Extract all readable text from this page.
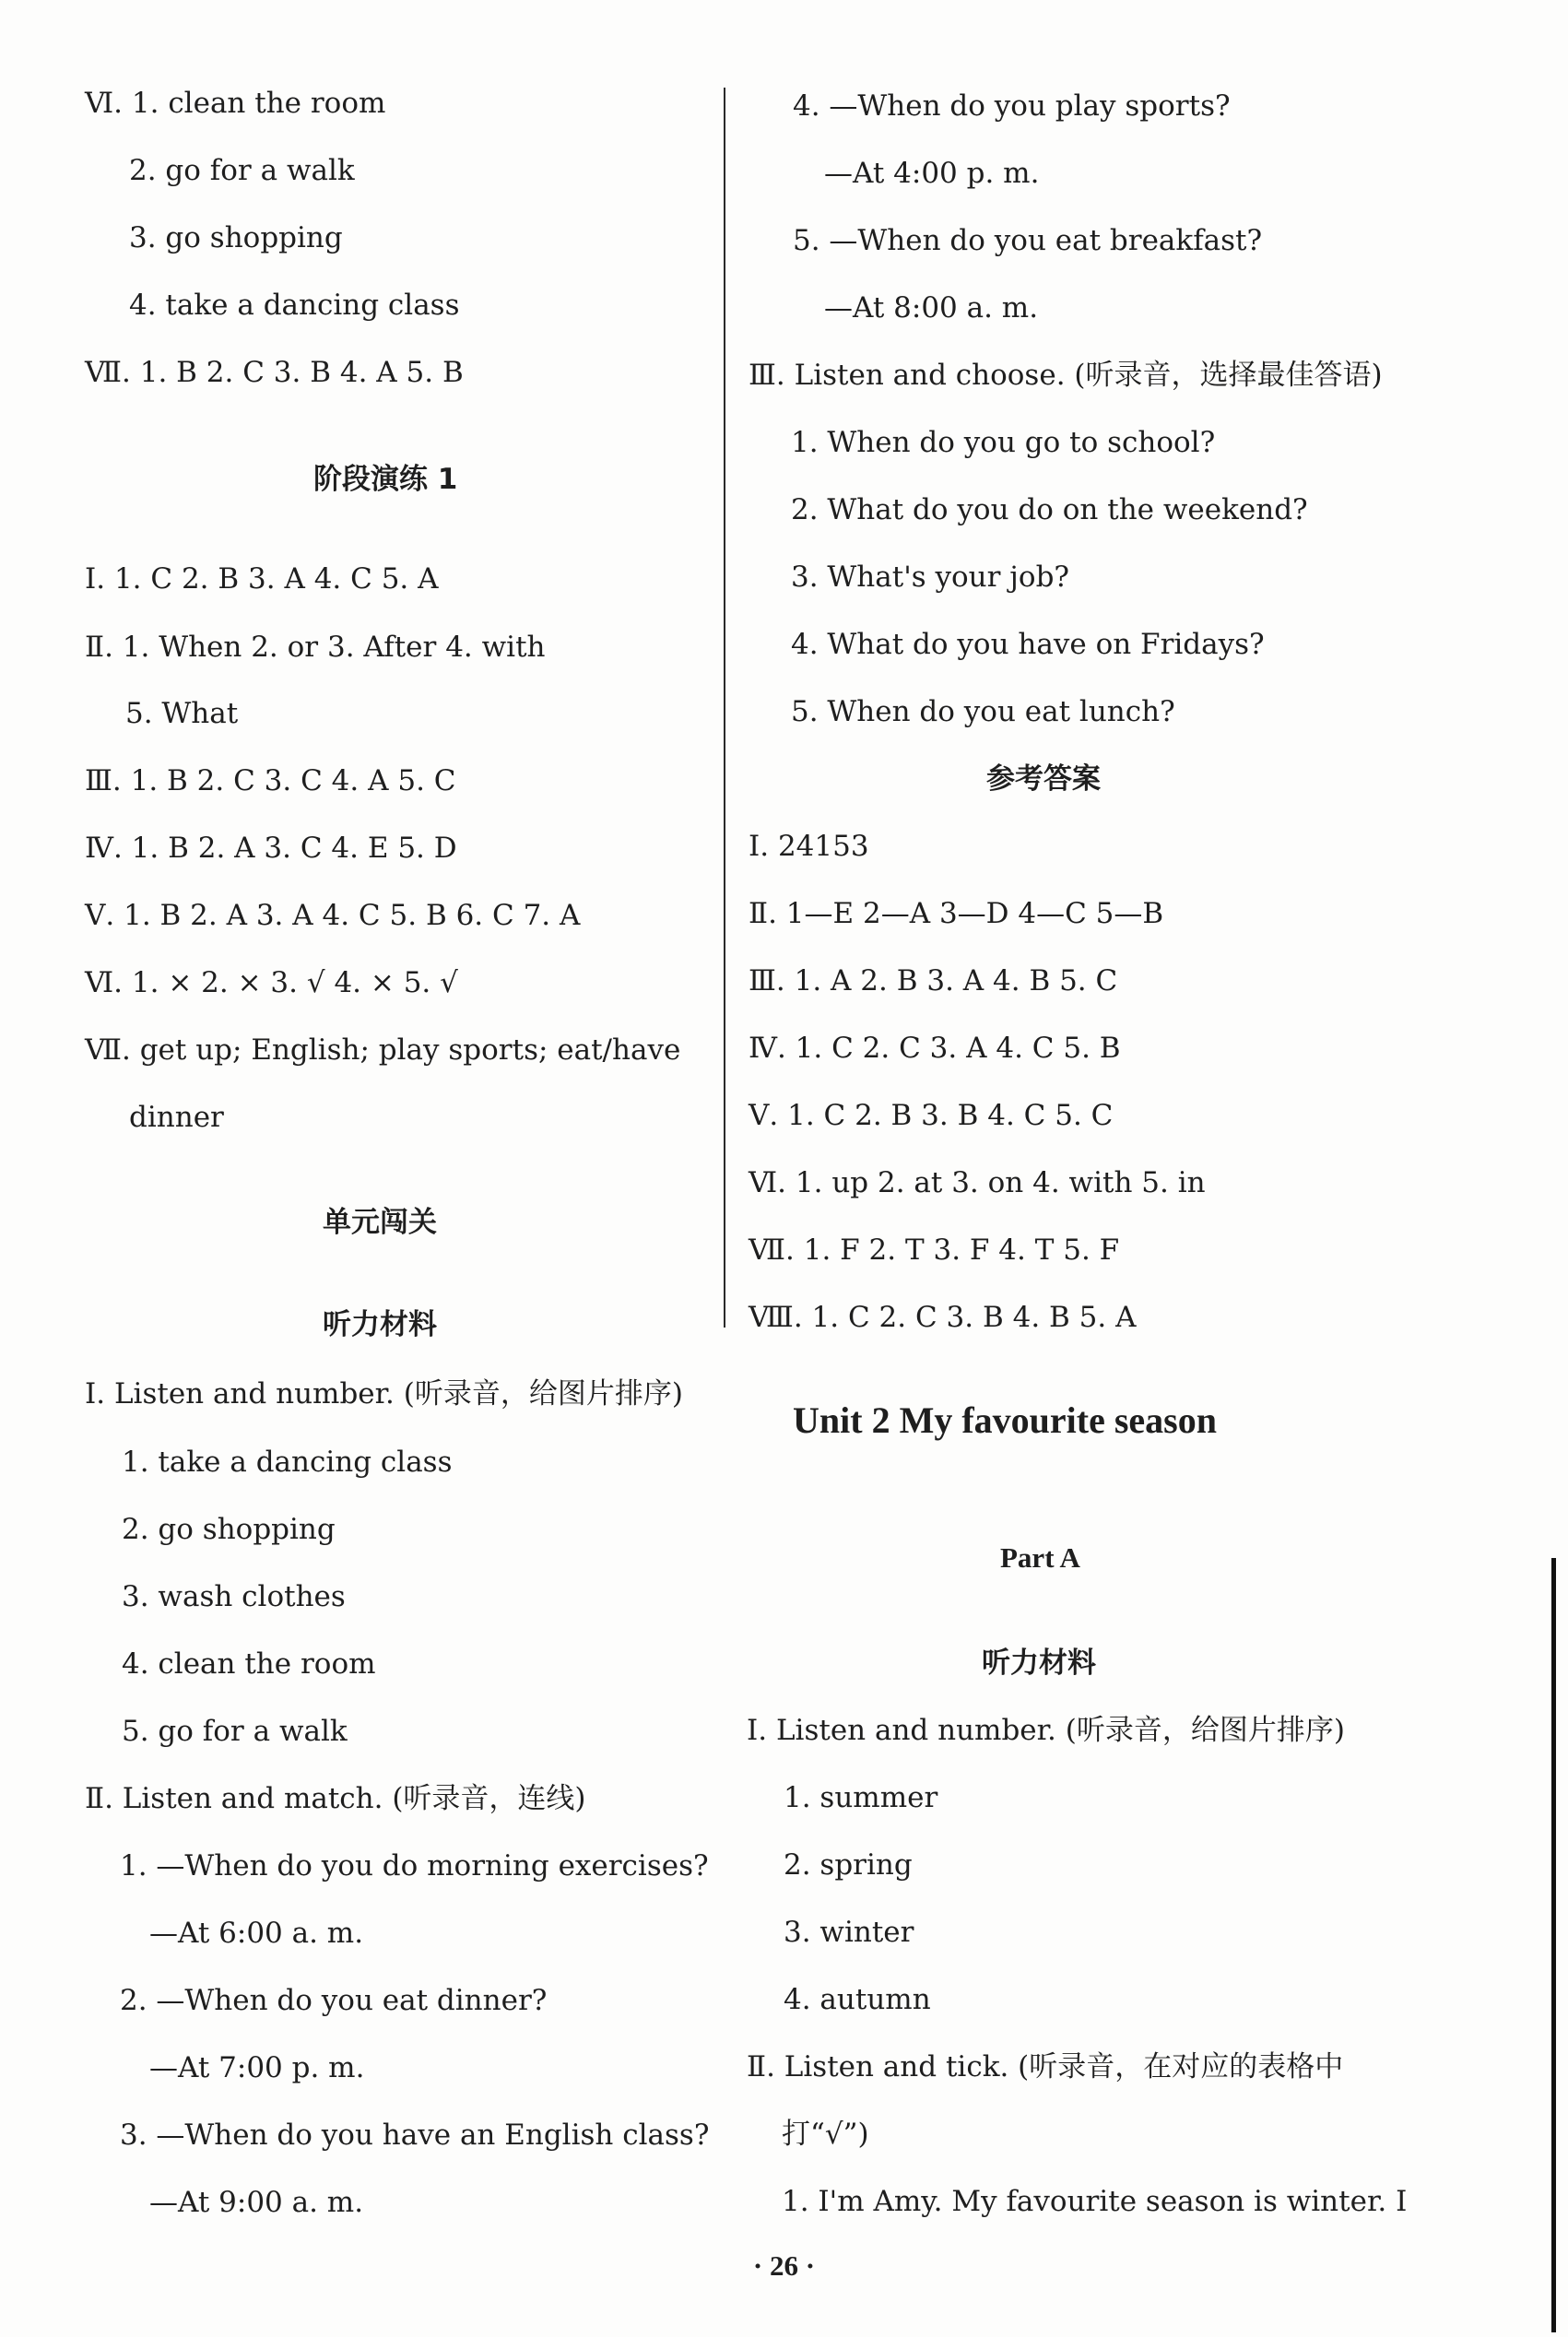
Ⅵ. 1. clean the room
2. go for a walk
3. go shopping
4. take a dancing class
Ⅶ. 1. B 2. C 3. B 4. A 5. B
阶段演练 1
Ⅰ. 1. C 2. B 3. A 4. C 5. A
Ⅱ. 1. When 2. or 3. After 4. with
5. What
Ⅲ. 1. B 2. C 3. C 4. A 5. C
Ⅳ. 1. B 2. A 3. C 4. E 5. D
Ⅴ. 1. B 2. A 3. A 4. C 5. B 6. C 7. A
Ⅵ. 1. × 2. × 3. √ 4. × 5. √
Ⅶ. get up; English; play sports; eat/have
dinner
单元闯关
听力材料
Ⅰ. Listen and number. (听录音，给图片排序)
1. take a dancing class
2. go shopping
3. wash clothes
4. clean the room
5. go for a walk
Ⅱ. Listen and match. (听录音，连线)
1. —When do you do morning exercises?
—At 6:00 a. m.
2. —When do you eat dinner?
—At 7:00 p. m.
3. —When do you have an English class?
—At 9:00 a. m.
4. —When do you play sports?
—At 4:00 p. m.
5. —When do you eat breakfast?
—At 8:00 a. m.
Ⅲ. Listen and choose. (听录音，选择最佳答语)
1. When do you go to school?
2. What do you do on the weekend?
3. What's your job?
4. What do you have on Fridays?
5. When do you eat lunch?
参考答案
Ⅰ. 24153
Ⅱ. 1—E 2—A 3—D 4—C 5—B
Ⅲ. 1. A 2. B 3. A 4. B 5. C
Ⅳ. 1. C 2. C 3. A 4. C 5. B
Ⅴ. 1. C 2. B 3. B 4. C 5. C
Ⅵ. 1. up 2. at 3. on 4. with 5. in
Ⅶ. 1. F 2. T 3. F 4. T 5. F
Ⅷ. 1. C 2. C 3. B 4. B 5. A
Unit 2 My favourite season
Part A
听力材料
Ⅰ. Listen and number. (听录音，给图片排序)
1. summer
2. spring
3. winter
4. autumn
Ⅱ. Listen and tick. (听录音，在对应的表格中
打“√”)
1. I'm Amy. My favourite season is winter. I
· 26 ·
